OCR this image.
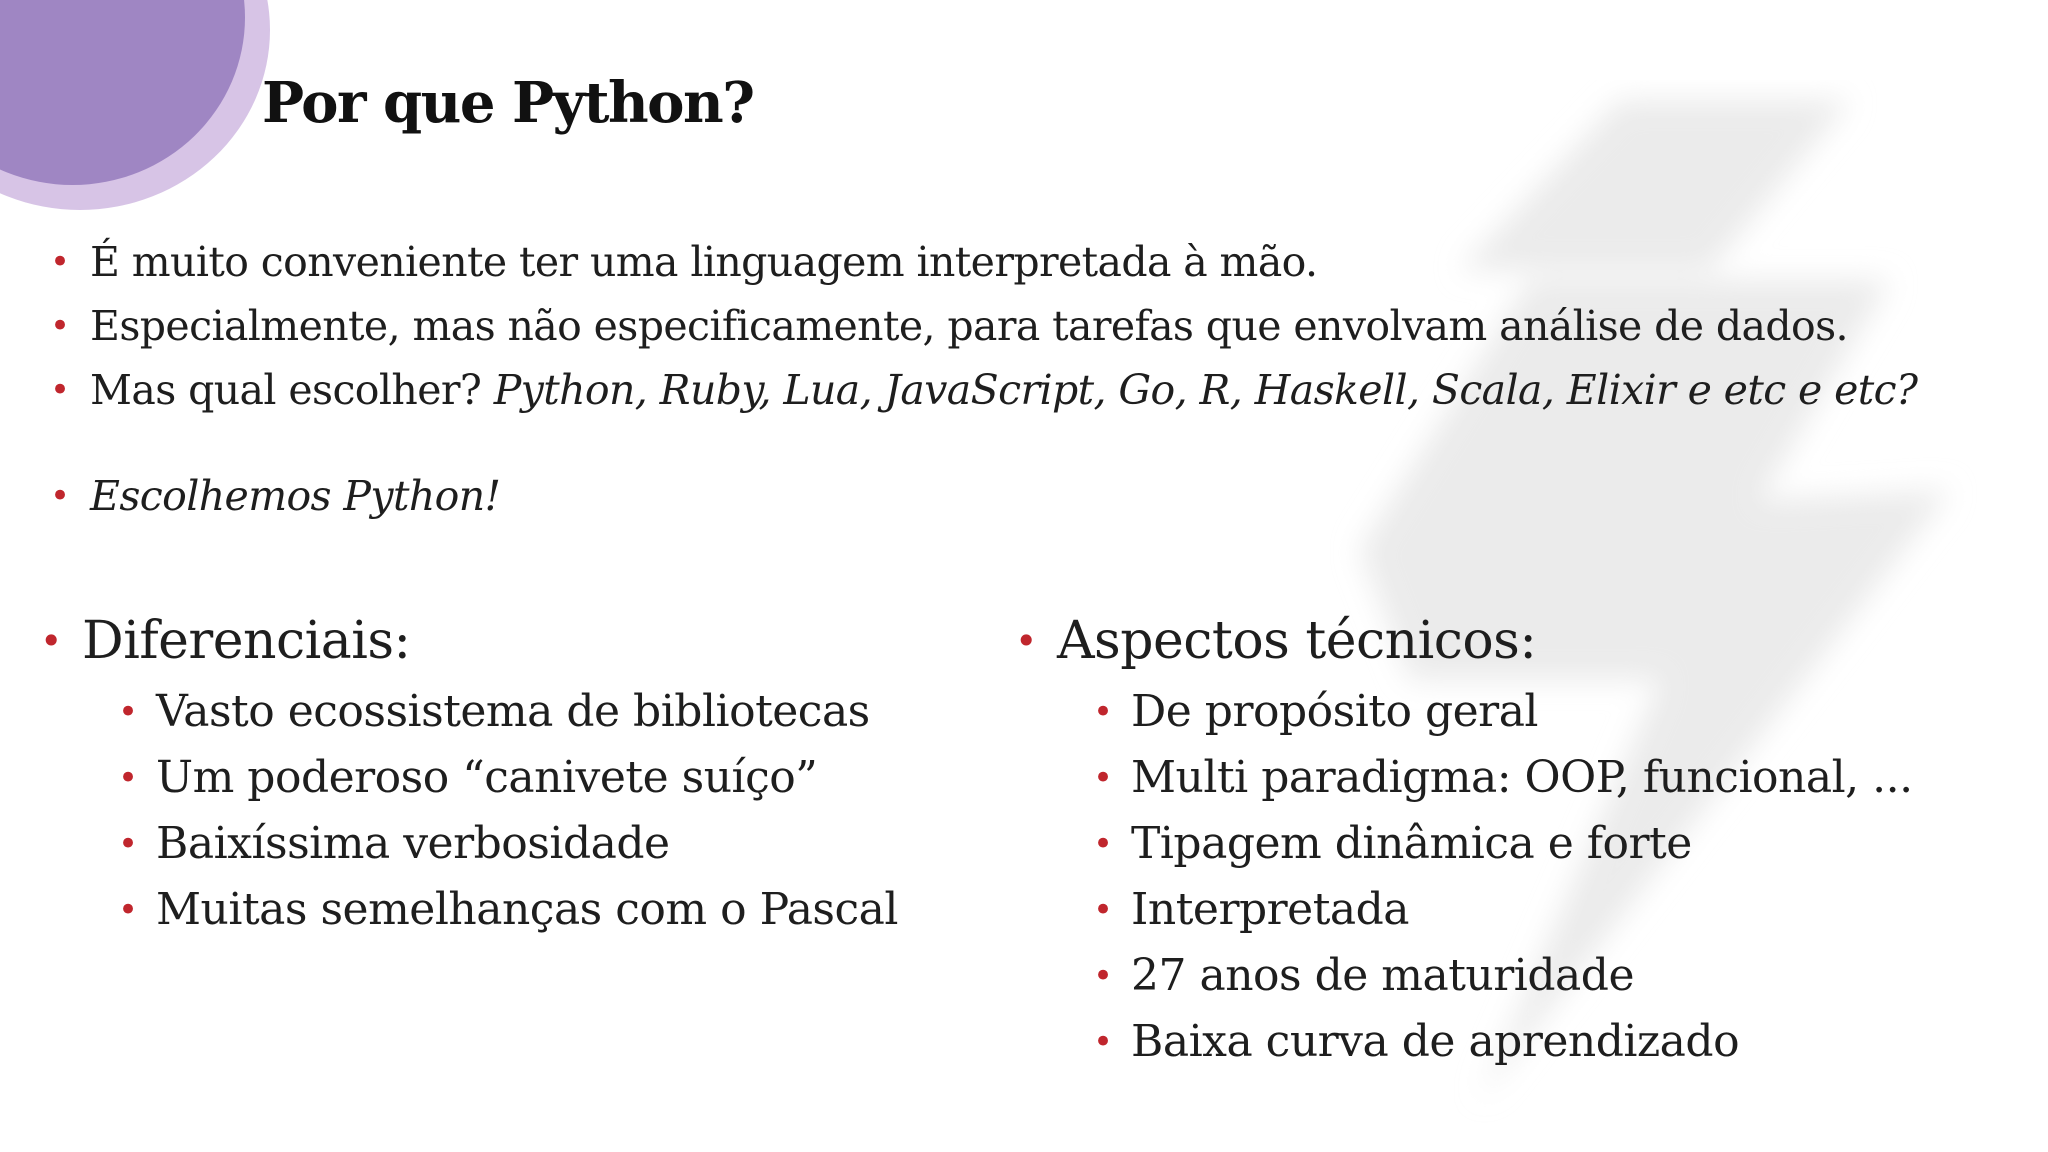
Por que Python?
• É muito conveniente ter uma linguagem interpretada à mão.
• Especialmente, mas não especificamente, para tarefas que envolvam análise de dados.
• Mas qual escolher? Python, Ruby, Lua, JavaScript, Go, R, Haskell, Scala, Elixir e etc e etc?
• Escolhemos Python!
• Diferenciais:
• Vasto ecossistema de bibliotecas
• Um poderoso “canivete suíço”
• Baixíssima verbosidade
• Muitas semelhanças com o Pascal
• Aspectos técnicos:
• De propósito geral
• Multi paradigma: OOP, funcional, ...
• Tipagem dinâmica e forte
• Interpretada
• 27 anos de maturidade
• Baixa curva de aprendizado
